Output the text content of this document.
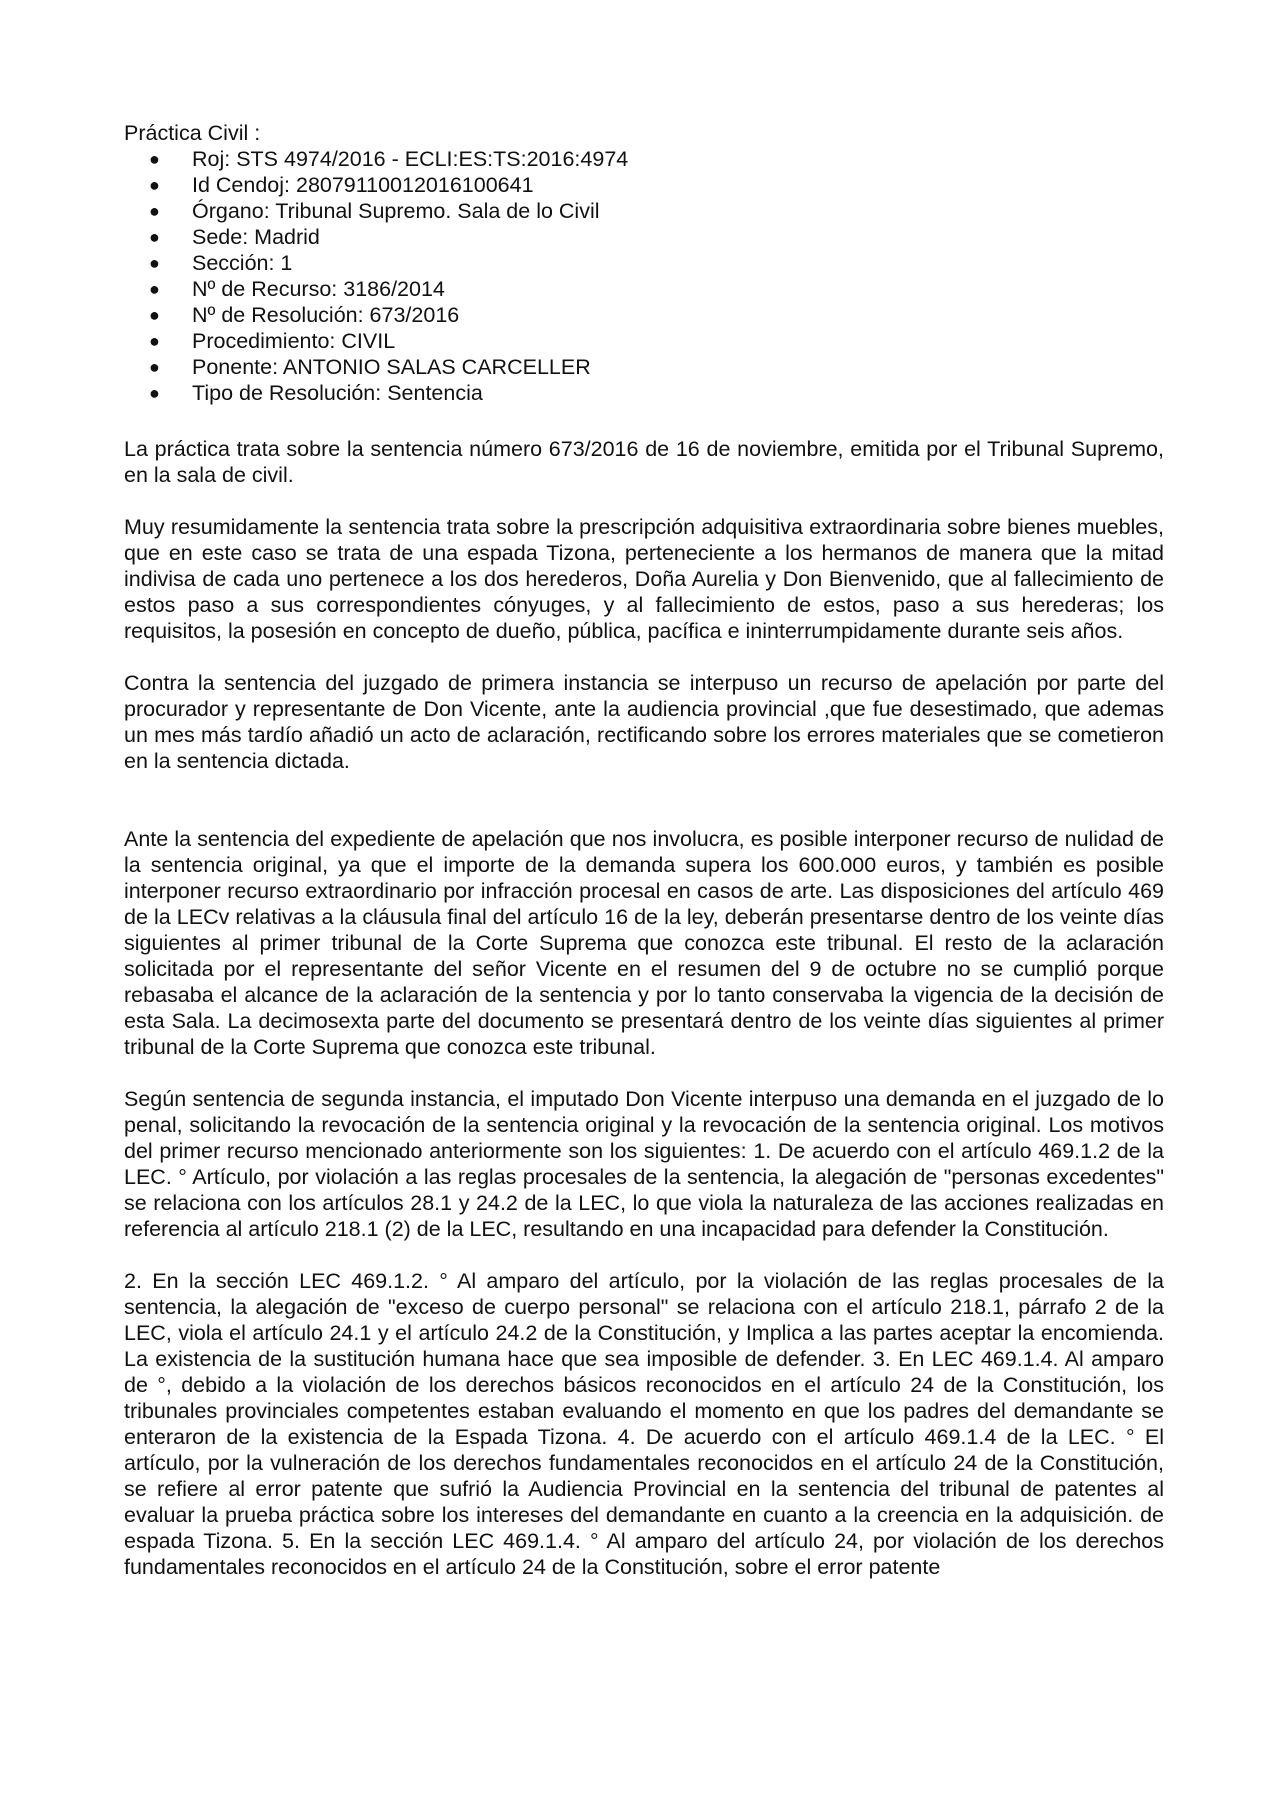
Práctica Civil :

● Roj: STS 4974/2016 - ECLI:ES:TS:2016:4974
● Id Cendoj: 28079110012016100641
● Órgano: Tribunal Supremo. Sala de lo Civil
● Sede: Madrid
● Sección: 1
● Nº de Recurso: 3186/2014
● Nº de Resolución: 673/2016
● Procedimiento: CIVIL
● Ponente: ANTONIO SALAS CARCELLER
● Tipo de Resolución: Sentencia

La práctica trata sobre la sentencia número 673/2016 de 16 de noviembre, emitida por el Tribunal Supremo, en la sala de civil.

Muy resumidamente la sentencia trata sobre la prescripción adquisitiva extraordinaria sobre bienes muebles, que en este caso se trata de una espada Tizona, perteneciente a los hermanos de manera que la mitad indivisa de cada uno pertenece a los dos herederos, Doña Aurelia y Don Bienvenido, que al fallecimiento de estos paso a sus correspondientes cónyuges, y al fallecimiento de estos, paso a sus herederas; los requisitos, la posesión en concepto de dueño, pública, pacífica e ininterrumpidamente durante seis años.

Contra la sentencia del juzgado de primera instancia se interpuso un recurso de apelación por parte del procurador y representante de Don Vicente, ante la audiencia provincial ,que fue desestimado, que ademas un mes más tardío añadió un acto de aclaración, rectificando sobre los errores materiales que se cometieron en la sentencia dictada.

Ante la sentencia del expediente de apelación que nos involucra, es posible interponer recurso de nulidad de la sentencia original, ya que el importe de la demanda supera los 600.000 euros, y también es posible interponer recurso extraordinario por infracción procesal en casos de arte. Las disposiciones del artículo 469 de la LECv relativas a la cláusula final del artículo 16 de la ley, deberán presentarse dentro de los veinte días siguientes al primer tribunal de la Corte Suprema que conozca este tribunal. El resto de la aclaración solicitada por el representante del señor Vicente en el resumen del 9 de octubre no se cumplió porque rebasaba el alcance de la aclaración de la sentencia y por lo tanto conservaba la vigencia de la decisión de esta Sala. La decimosexta parte del documento se presentará dentro de los veinte días siguientes al primer tribunal de la Corte Suprema que conozca este tribunal.

Según sentencia de segunda instancia, el imputado Don Vicente interpuso una demanda en el juzgado de lo penal, solicitando la revocación de la sentencia original y la revocación de la sentencia original. Los motivos del primer recurso mencionado anteriormente son los siguientes: 1. De acuerdo con el artículo 469.1.2 de la LEC. ° Artículo, por violación a las reglas procesales de la sentencia, la alegación de "personas excedentes" se relaciona con los artículos 28.1 y 24.2 de la LEC, lo que viola la naturaleza de las acciones realizadas en referencia al artículo 218.1 (2) de la LEC, resultando en una incapacidad para defender la Constitución.

2. En la sección LEC 469.1.2. ° Al amparo del artículo, por la violación de las reglas procesales de la sentencia, la alegación de "exceso de cuerpo personal" se relaciona con el artículo 218.1, párrafo 2 de la LEC, viola el artículo 24.1 y el artículo 24.2 de la Constitución, y Implica a las partes aceptar la encomienda. La existencia de la sustitución humana hace que sea imposible de defender. 3. En LEC 469.1.4. Al amparo de °, debido a la violación de los derechos básicos reconocidos en el artículo 24 de la Constitución, los tribunales provinciales competentes estaban evaluando el momento en que los padres del demandante se enteraron de la existencia de la Espada Tizona. 4. De acuerdo con el artículo 469.1.4 de la LEC. ° El artículo, por la vulneración de los derechos fundamentales reconocidos en el artículo 24 de la Constitución, se refiere al error patente que sufrió la Audiencia Provincial en la sentencia del tribunal de patentes al evaluar la prueba práctica sobre los intereses del demandante en cuanto a la creencia en la adquisición. de espada Tizona. 5. En la sección LEC 469.1.4. ° Al amparo del artículo 24, por violación de los derechos fundamentales reconocidos en el artículo 24 de la Constitución, sobre el error patente
